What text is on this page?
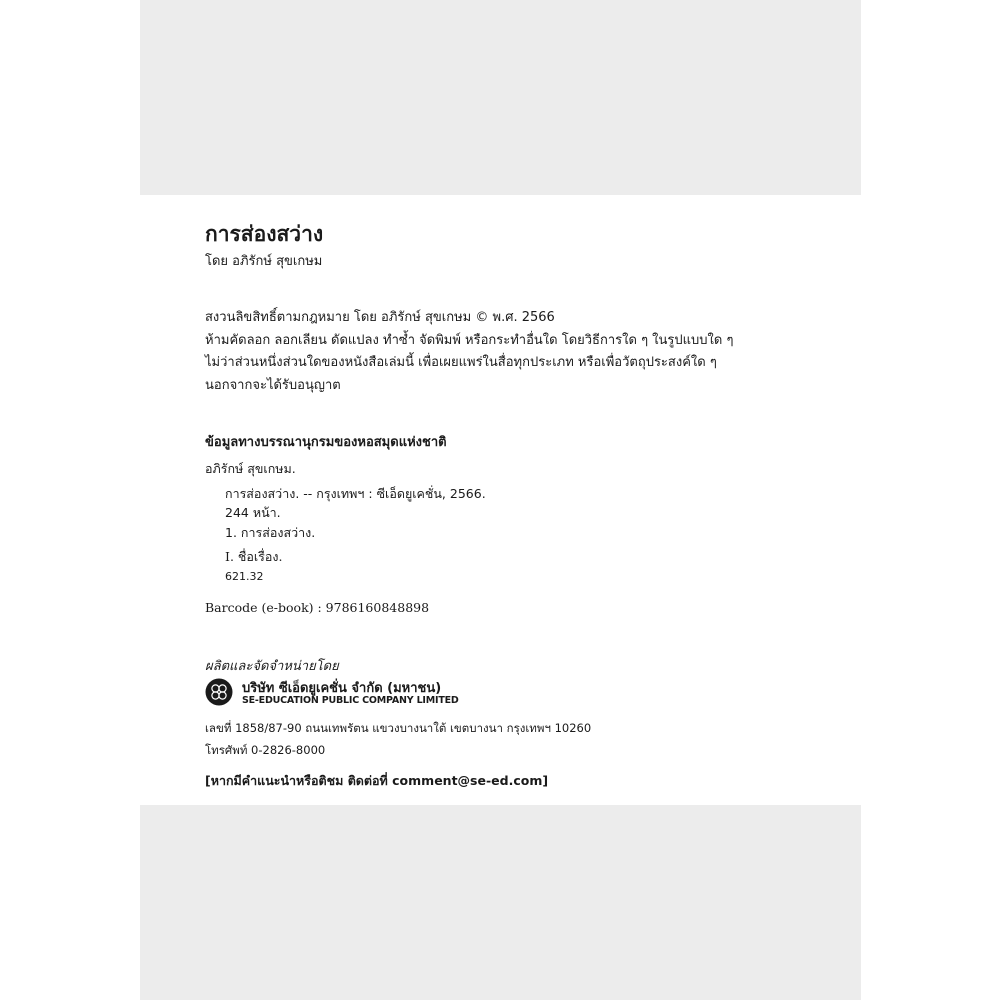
การส่องสว่าง
โดย อภิรักษ์ สุขเกษม
สงวนลิขสิทธิ์ตามกฎหมาย โดย อภิรักษ์ สุขเกษม © พ.ศ. 2566
ห้ามคัดลอก ลอกเลียน ดัดแปลง ทำซ้ำ จัดพิมพ์ หรือกระทำอื่นใด โดยวิธีการใด ๆ ในรูปแบบใด ๆ
ไม่ว่าส่วนหนึ่งส่วนใดของหนังสือเล่มนี้ เพื่อเผยแพร่ในสื่อทุกประเภท หรือเพื่อวัตถุประสงค์ใด ๆ
นอกจากจะได้รับอนุญาต
ข้อมูลทางบรรณานุกรมของหอสมุดแห่งชาติ
อภิรักษ์ สุขเกษม.
การส่องสว่าง. -- กรุงเทพฯ : ซีเอ็ดยูเคชั่น, 2566.
244 หน้า.
1. การส่องสว่าง.
I. ชื่อเรื่อง.
621.32
Barcode (e-book) : 9786160848898
ผลิตและจัดจำหน่ายโดย
บริษัท ซีเอ็ดยูเคชั่น จำกัด (มหาชน)
SE-EDUCATION PUBLIC COMPANY LIMITED
เลขที่ 1858/87-90 ถนนเทพรัตน แขวงบางนาใต้ เขตบางนา กรุงเทพฯ 10260
โทรศัพท์ 0-2826-8000
[หากมีคำแนะนำหรือติชม ติดต่อที่ comment@se-ed.com]
